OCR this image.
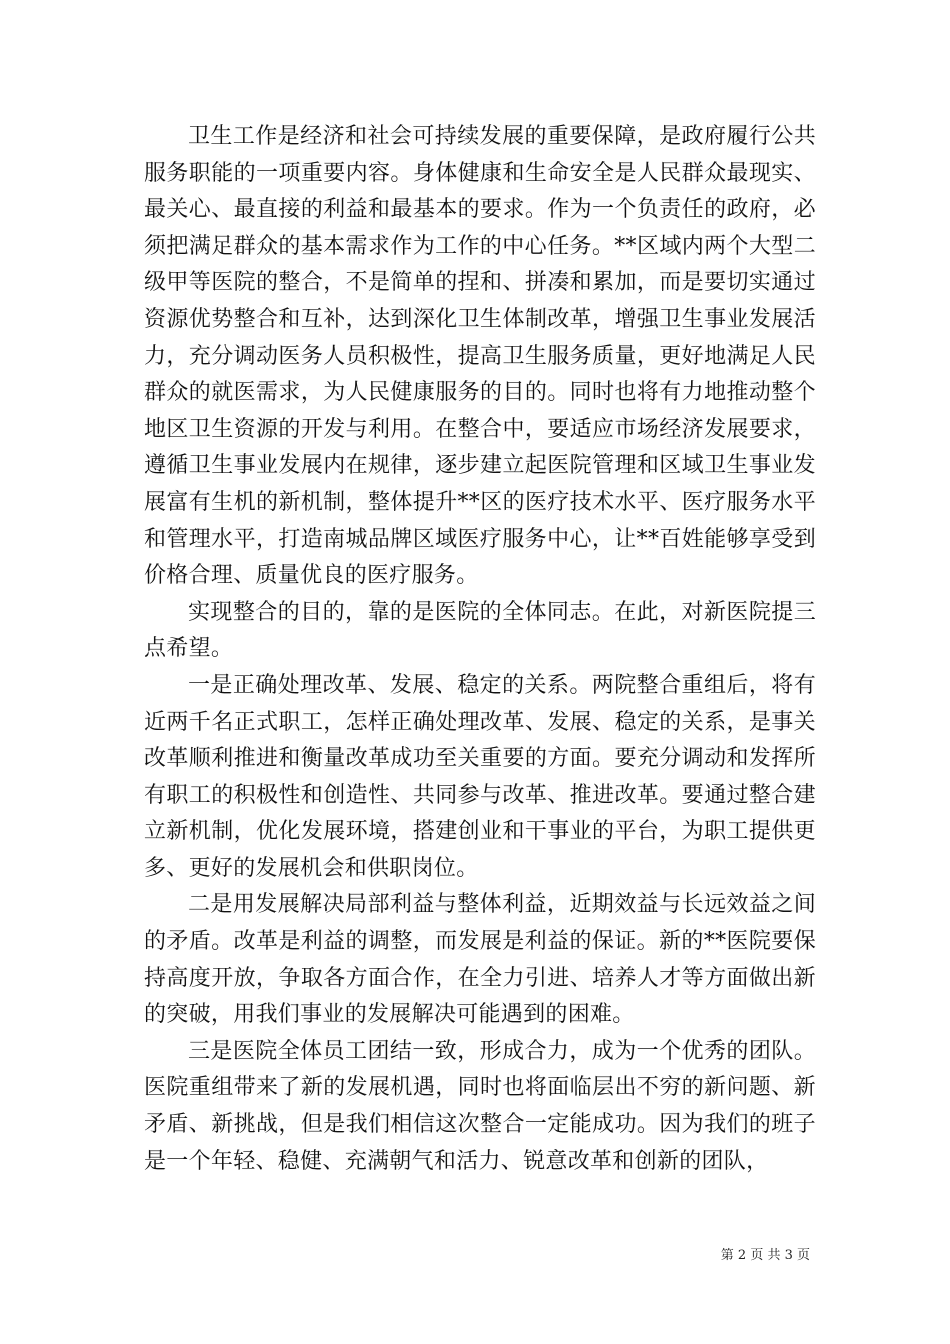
卫生工作是经济和社会可持续发展的重要保障，是政府履行公共服务职能的一项重要内容。身体健康和生命安全是人民群众最现实、最关心、最直接的利益和最基本的要求。作为一个负责任的政府，必须把满足群众的基本需求作为工作的中心任务。**区域内两个大型二级甲等医院的整合，不是简单的捏和、拼凑和累加，而是要切实通过资源优势整合和互补，达到深化卫生体制改革，增强卫生事业发展活力，充分调动医务人员积极性，提高卫生服务质量，更好地满足人民群众的就医需求，为人民健康服务的目的。同时也将有力地推动整个地区卫生资源的开发与利用。在整合中，要适应市场经济发展要求，遵循卫生事业发展内在规律，逐步建立起医院管理和区域卫生事业发展富有生机的新机制，整体提升**区的医疗技术水平、医疗服务水平和管理水平，打造南城品牌区域医疗服务中心，让**百姓能够享受到价格合理、质量优良的医疗服务。

实现整合的目的，靠的是医院的全体同志。在此，对新医院提三点希望。

一是正确处理改革、发展、稳定的关系。两院整合重组后，将有近两千名正式职工，怎样正确处理改革、发展、稳定的关系，是事关改革顺利推进和衡量改革成功至关重要的方面。要充分调动和发挥所有职工的积极性和创造性、共同参与改革、推进改革。要通过整合建立新机制，优化发展环境，搭建创业和干事业的平台，为职工提供更多、更好的发展机会和供职岗位。

二是用发展解决局部利益与整体利益，近期效益与长远效益之间的矛盾。改革是利益的调整，而发展是利益的保证。新的**医院要保持高度开放，争取各方面合作，在全力引进、培养人才等方面做出新的突破，用我们事业的发展解决可能遇到的困难。

三是医院全体员工团结一致，形成合力，成为一个优秀的团队。医院重组带来了新的发展机遇，同时也将面临层出不穷的新问题、新矛盾、新挑战，但是我们相信这次整合一定能成功。因为我们的班子是一个年轻、稳健、充满朝气和活力、锐意改革和创新的团队，

第 2 页 共 3 页
